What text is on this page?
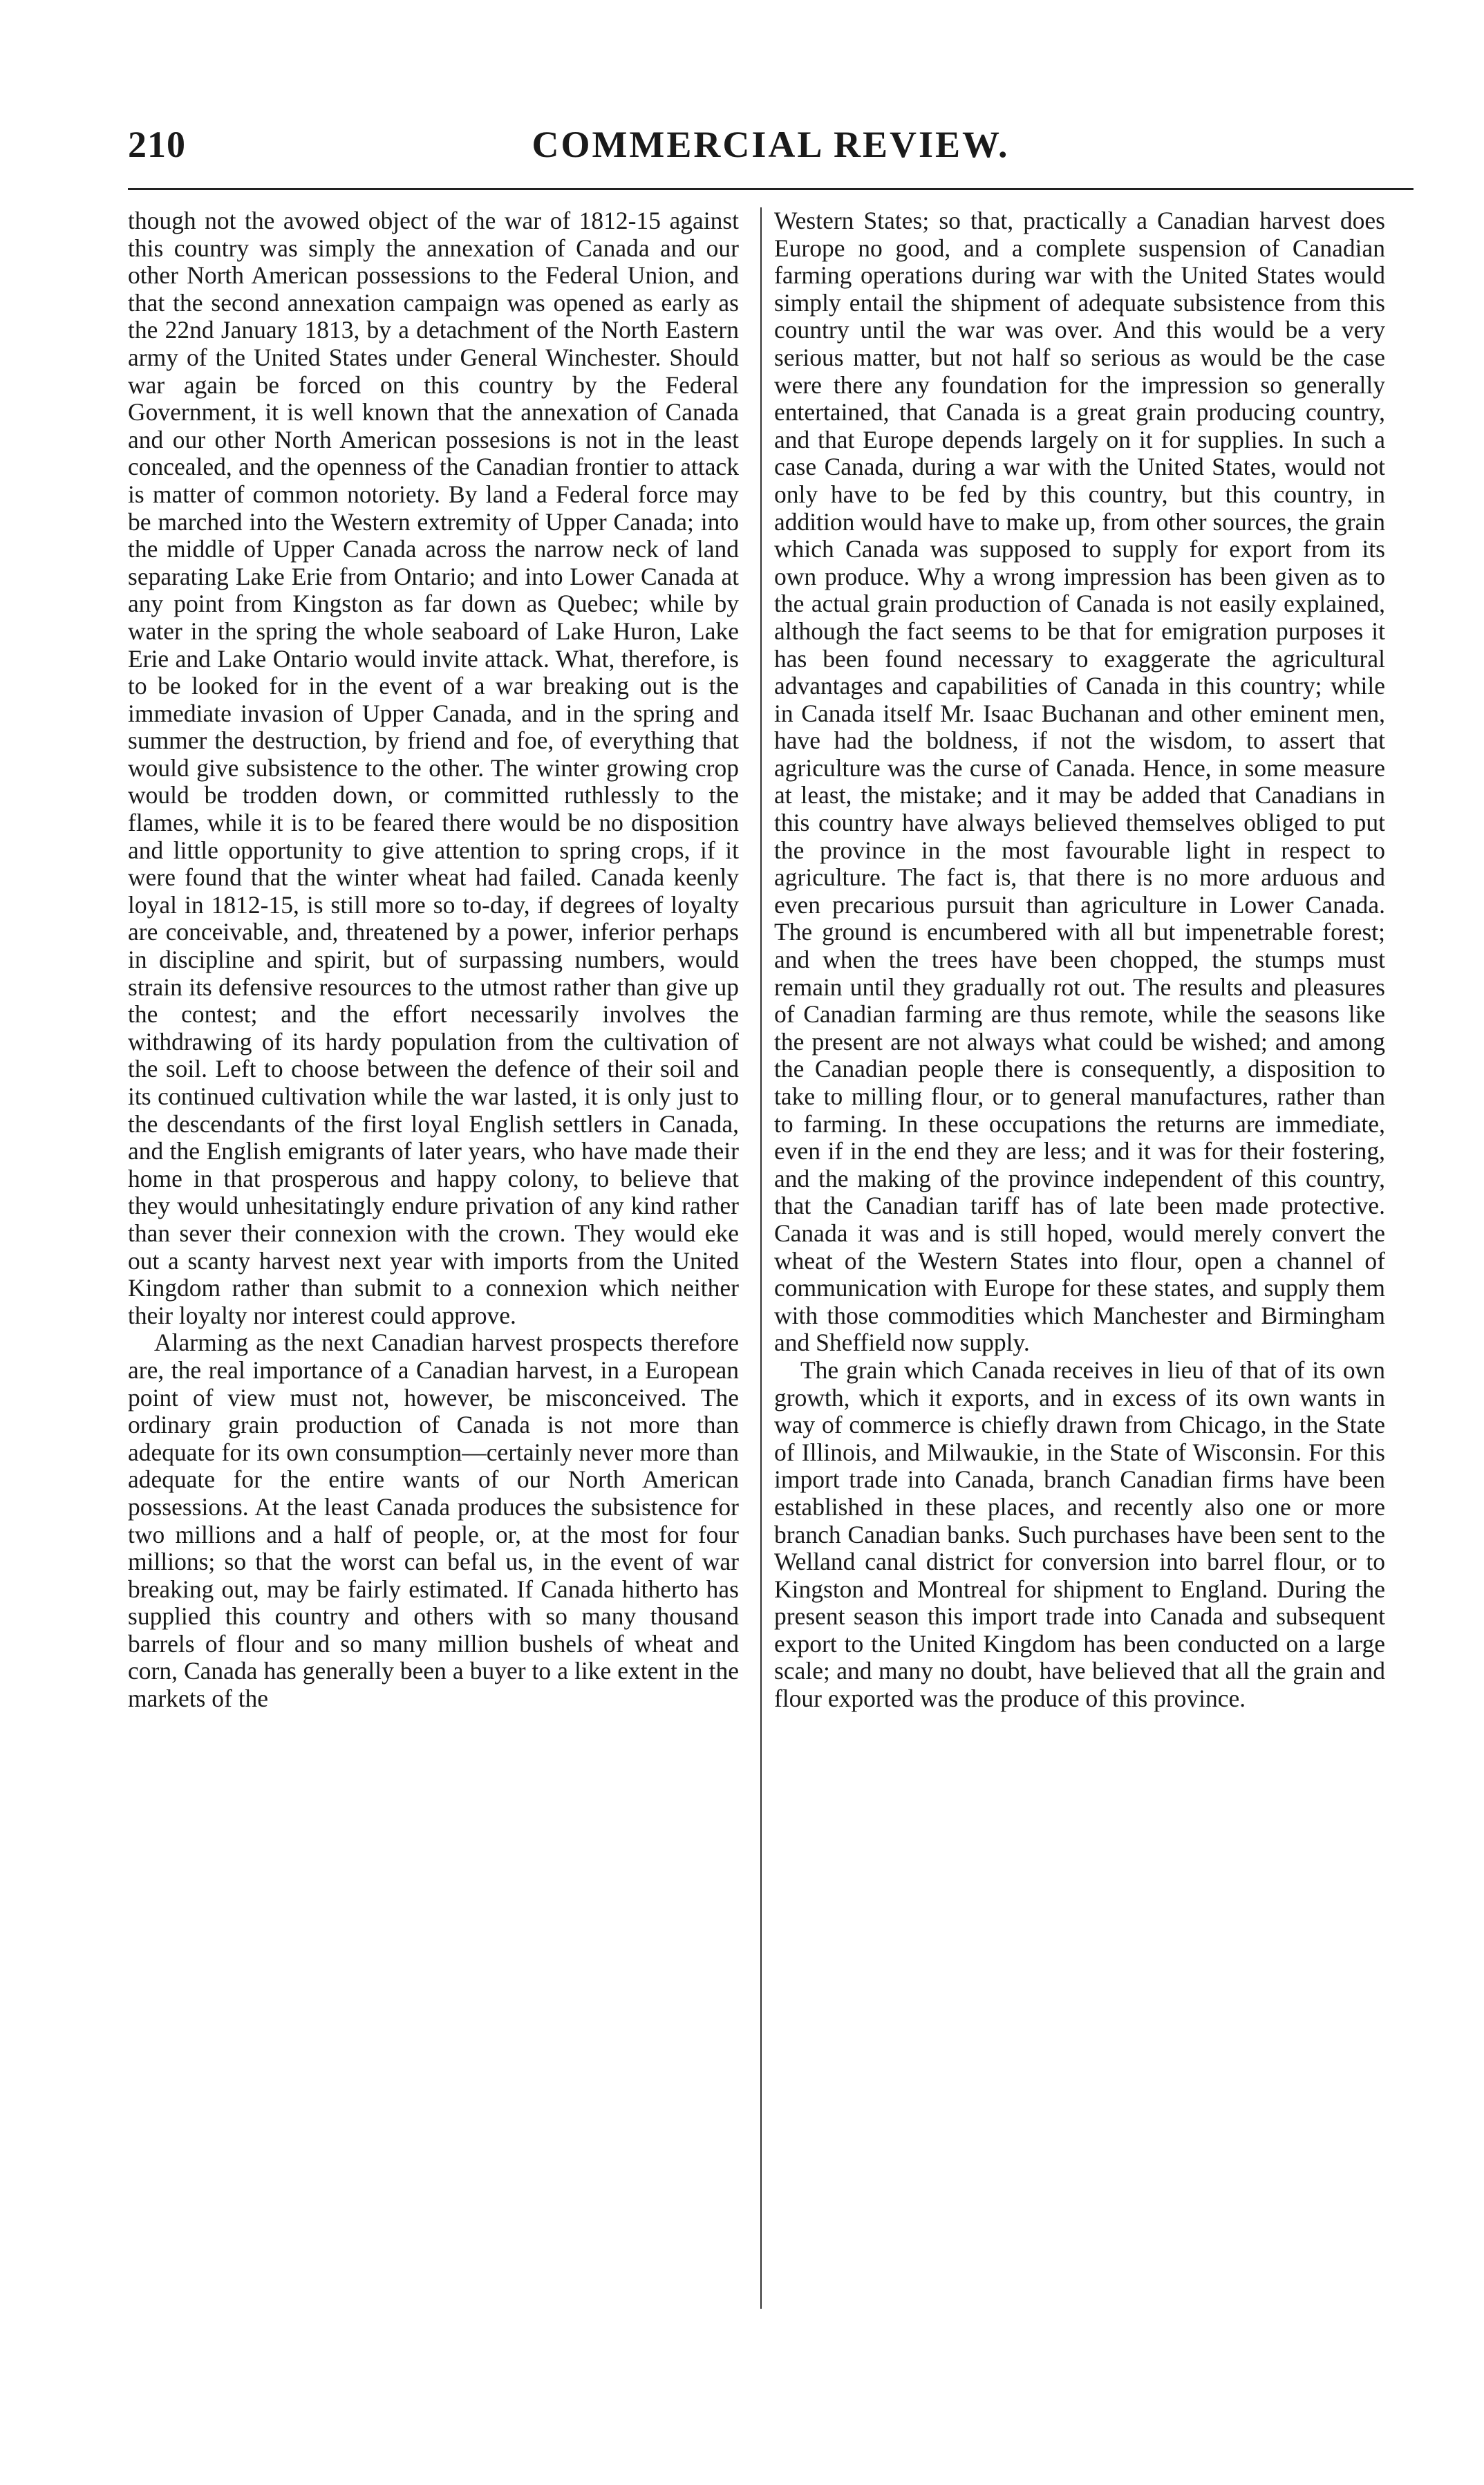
210	COMMERCIAL REVIEW.

though not the avowed object of the war of 1812-15 against this country was simply the annexation of Canada and our other North American possessions to the Federal Union, and that the second annexation campaign was opened as early as the 22nd January 1813, by a detachment of the North Eastern army of the United States under General Winchester. Should war again be forced on this country by the Federal Government, it is well known that the annexation of Canada and our other North American possesions is not in the least concealed, and the openness of the Canadian frontier to attack is matter of common notoriety. By land a Federal force may be marched into the Western extremity of Upper Canada; into the middle of Upper Canada across the narrow neck of land separating Lake Erie from Ontario; and into Lower Canada at any point from Kingston as far down as Quebec; while by water in the spring the whole seaboard of Lake Huron, Lake Erie and Lake Ontario would invite attack. What, therefore, is to be looked for in the event of a war breaking out is the immediate invasion of Upper Canada, and in the spring and summer the destruction, by friend and foe, of everything that would give subsistence to the other. The winter growing crop would be trodden down, or committed ruthlessly to the flames, while it is to be feared there would be no disposition and little opportunity to give attention to spring crops, if it were found that the winter wheat had failed. Canada keenly loyal in 1812-15, is still more so to-day, if degrees of loyalty are conceivable, and, threatened by a power, inferior perhaps in discipline and spirit, but of surpassing numbers, would strain its defensive resources to the utmost rather than give up the contest; and the effort necessarily involves the withdrawing of its hardy population from the cultivation of the soil. Left to choose between the defence of their soil and its continued cultivation while the war lasted, it is only just to the descendants of the first loyal English settlers in Canada, and the English emigrants of later years, who have made their home in that prosperous and happy colony, to believe that they would unhesitatingly endure privation of any kind rather than sever their connexion with the crown. They would eke out a scanty harvest next year with imports from the United Kingdom rather than submit to a connexion which neither their loyalty nor interest could approve.

Alarming as the next Canadian harvest prospects therefore are, the real importance of a Canadian harvest, in a European point of view must not, however, be misconceived. The ordinary grain production of Canada is not more than adequate for its own consumption—certainly never more than adequate for the entire wants of our North American possessions. At the least Canada produces the subsistence for two millions and a half of people, or, at the most for four millions; so that the worst can befal us, in the event of war breaking out, may be fairly estimated. If Canada hitherto has supplied this country and others with so many thousand barrels of flour and so many million bushels of wheat and corn, Canada has generally been a buyer to a like extent in the markets of the

Western States; so that, practically a Canadian harvest does Europe no good, and a complete suspension of Canadian farming operations during war with the United States would simply entail the shipment of adequate subsistence from this country until the war was over. And this would be a very serious matter, but not half so serious as would be the case were there any foundation for the impression so generally entertained, that Canada is a great grain producing country, and that Europe depends largely on it for supplies. In such a case Canada, during a war with the United States, would not only have to be fed by this country, but this country, in addition would have to make up, from other sources, the grain which Canada was supposed to supply for export from its own produce. Why a wrong impression has been given as to the actual grain production of Canada is not easily explained, although the fact seems to be that for emigration purposes it has been found necessary to exaggerate the agricultural advantages and capabilities of Canada in this country; while in Canada itself Mr. Isaac Buchanan and other eminent men, have had the boldness, if not the wisdom, to assert that agriculture was the curse of Canada. Hence, in some measure at least, the mistake; and it may be added that Canadians in this country have always believed themselves obliged to put the province in the most favourable light in respect to agriculture. The fact is, that there is no more arduous and even precarious pursuit than agriculture in Lower Canada. The ground is encumbered with all but impenetrable forest; and when the trees have been chopped, the stumps must remain until they gradually rot out. The results and pleasures of Canadian farming are thus remote, while the seasons like the present are not always what could be wished; and among the Canadian people there is consequently, a disposition to take to milling flour, or to general manufactures, rather than to farming. In these occupations the returns are immediate, even if in the end they are less; and it was for their fostering, and the making of the province independent of this country, that the Canadian tariff has of late been made protective. Canada it was and is still hoped, would merely convert the wheat of the Western States into flour, open a channel of communication with Europe for these states, and supply them with those commodities which Manchester and Birmingham and Sheffield now supply.

The grain which Canada receives in lieu of that of its own growth, which it exports, and in excess of its own wants in way of commerce is chiefly drawn from Chicago, in the State of Illinois, and Milwaukie, in the State of Wisconsin. For this import trade into Canada, branch Canadian firms have been established in these places, and recently also one or more branch Canadian banks. Such purchases have been sent to the Welland canal district for conversion into barrel flour, or to Kingston and Montreal for shipment to England. During the present season this import trade into Canada and subsequent export to the United Kingdom has been conducted on a large scale; and many no doubt, have believed that all the grain and flour exported was the produce of this province.
